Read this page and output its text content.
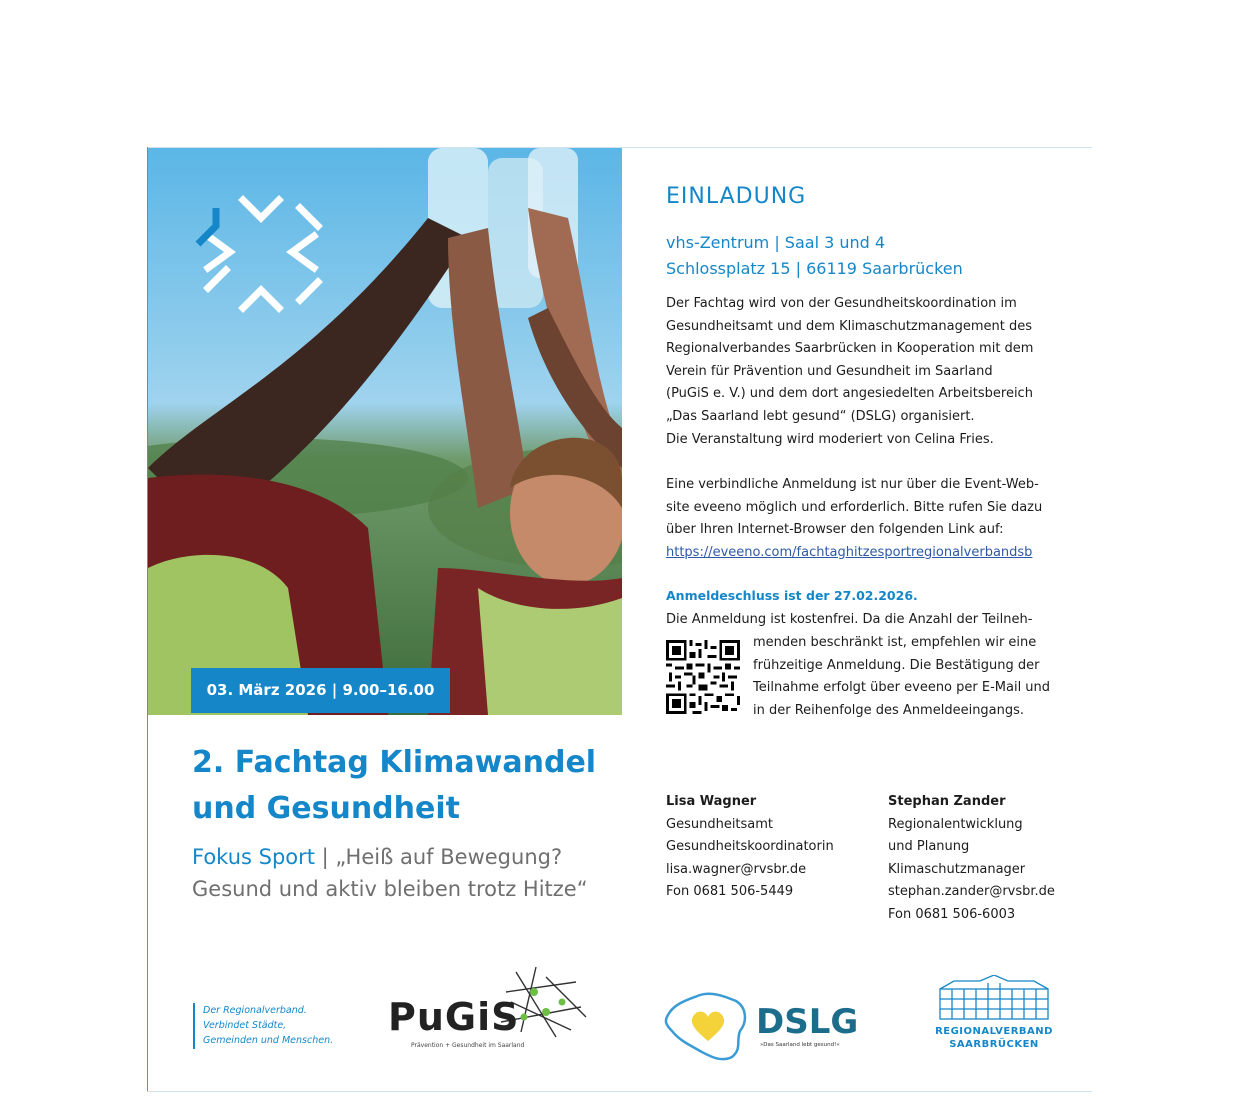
03. März 2026 | 9.00–16.00 Uhr
2. Fachtag Klimawandel
und Gesundheit
Fokus Sport | „Heiß auf Bewegung?
Gesund und aktiv bleiben trotz Hitze“
EINLADUNG
vhs-Zentrum | Saal 3 und 4
Schlossplatz 15 | 66119 Saarbrücken
Der Fachtag wird von der Gesundheitskoordination im
Gesundheitsamt und dem Klimaschutzmanagement des
Regionalverbandes Saarbrücken in Kooperation mit dem
Verein für Prävention und Gesundheit im Saarland
(PuGiS e. V.) und dem dort angesiedelten Arbeitsbereich
„Das Saarland lebt gesund“ (DSLG) organisiert.
Die Veranstaltung wird moderiert von Celina Fries.
Eine verbindliche Anmeldung ist nur über die Event-Web-
site eveeno möglich und erforderlich. Bitte rufen Sie dazu
über Ihren Internet-Browser den folgenden Link auf:
https://eveeno.com/fachtaghitzesportregionalverbandsb
Anmeldeschluss ist der 27.02.2026.
Die Anmeldung ist kostenfrei. Da die Anzahl der Teilneh-
menden beschränkt ist, empfehlen wir eine
frühzeitige Anmeldung. Die Bestätigung der
Teilnahme erfolgt über eveeno per E-Mail und
in der Reihenfolge des Anmeldeeingangs.
Lisa Wagner
Gesundheitsamt
Gesundheitskoordinatorin
lisa.wagner@rvsbr.de
Fon 0681 506-5449
Stephan Zander
Regionalentwicklung
und Planung
Klimaschutzmanager
stephan.zander@rvsbr.de
Fon 0681 506-6003
Der Regionalverband.
Verbindet Städte,
Gemeinden und Menschen.
PuGiS
Prävention + Gesundheit im Saarland
DSLG
»Das Saarland lebt gesund!«
REGIONALVERBAND
SAARBRÜCKEN
